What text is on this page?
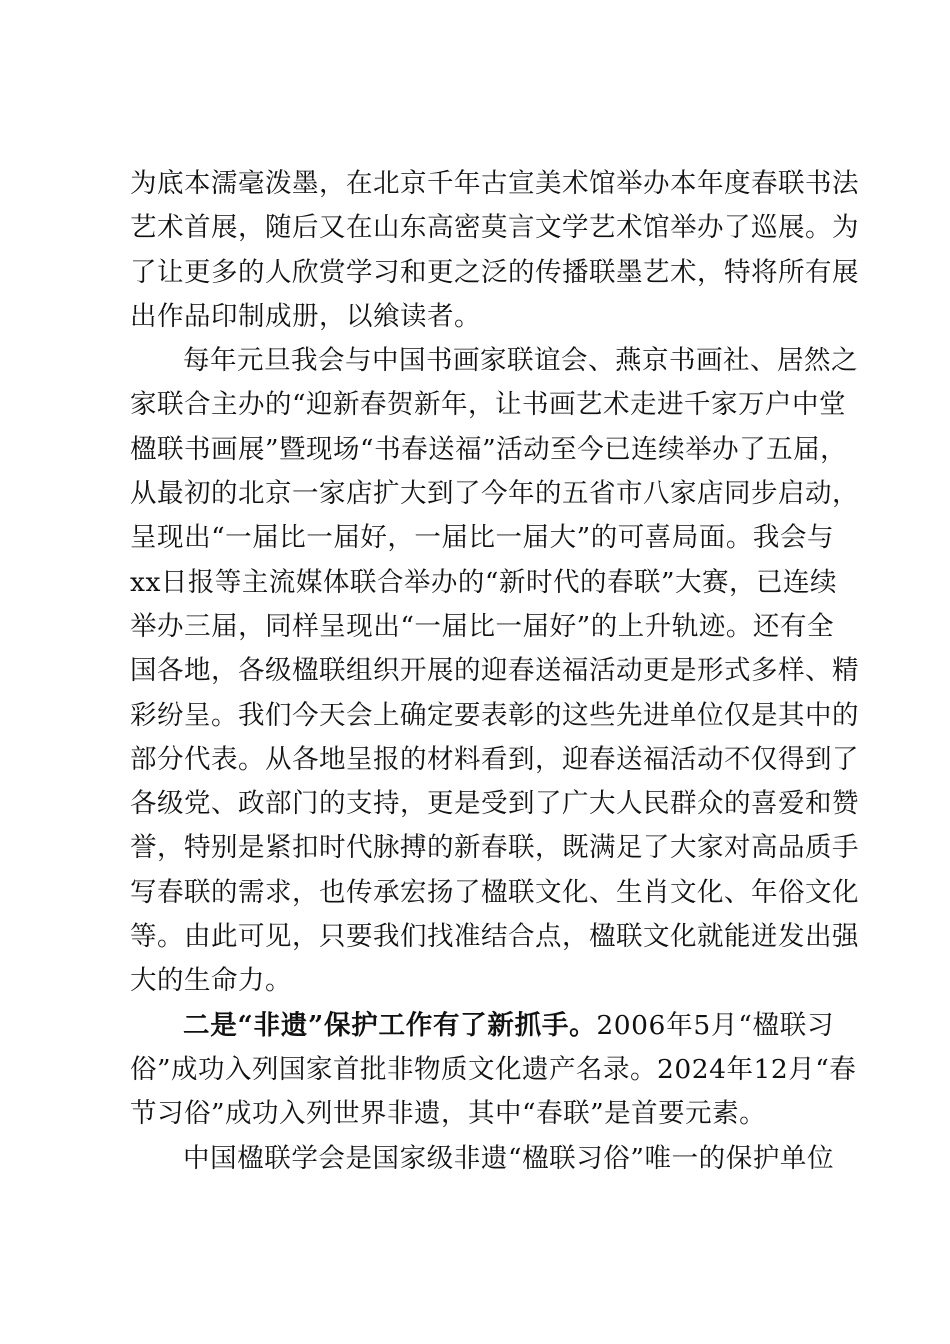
为底本濡毫泼墨，在北京千年古宣美术馆举办本年度春联书法
艺术首展，随后又在山东高密莫言文学艺术馆举办了巡展。为
了让更多的人欣赏学习和更之泛的传播联墨艺术，特将所有展
出作品印制成册，以飨读者。
每年元旦我会与中国书画家联谊会、燕京书画社、居然之
家联合主办的“迎新春贺新年，让书画艺术走进千家万户中堂
楹联书画展”暨现场“书春送福”活动至今已连续举办了五届，
从最初的北京一家店扩大到了今年的五省市八家店同步启动，
呈现出“一届比一届好，一届比一届大”的可喜局面。我会与
xx日报等主流媒体联合举办的“新时代的春联”大赛，已连续
举办三届，同样呈现出“一届比一届好”的上升轨迹。还有全
国各地，各级楹联组织开展的迎春送福活动更是形式多样、精
彩纷呈。我们今天会上确定要表彰的这些先进单位仅是其中的
部分代表。从各地呈报的材料看到，迎春送福活动不仅得到了
各级党、政部门的支持，更是受到了广大人民群众的喜爱和赞
誉，特别是紧扣时代脉搏的新春联，既满足了大家对高品质手
写春联的需求，也传承宏扬了楹联文化、生肖文化、年俗文化
等。由此可见，只要我们找准结合点，楹联文化就能迸发出强
大的生命力。
二是“非遗”保护工作有了新抓手。2006年5月“楹联习
俗”成功入列国家首批非物质文化遗产名录。2024年12月“春
节习俗”成功入列世界非遗，其中“春联”是首要元素。
中国楹联学会是国家级非遗“楹联习俗”唯一的保护单位
